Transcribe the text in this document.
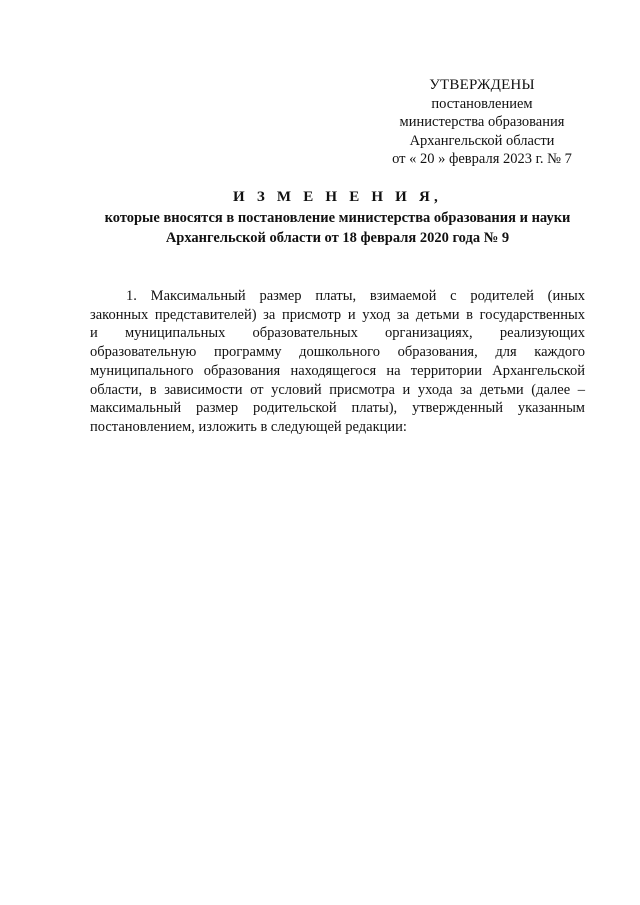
УТВЕРЖДЕНЫ
постановлением
министерства образования
Архангельской области
от « 20 » февраля 2023 г. № 7
И З М Е Н Е Н И Я,
которые вносятся в постановление министерства образования и науки
Архангельской области от 18 февраля 2020 года № 9
1. Максимальный размер платы, взимаемой с родителей (иных
законных представителей) за присмотр и уход за детьми в государственных
и муниципальных образовательных организациях, реализующих
образовательную программу дошкольного образования, для каждого
муниципального образования находящегося на территории Архангельской
области, в зависимости от условий присмотра и ухода за детьми (далее –
максимальный размер родительской платы), утвержденный указанным
постановлением, изложить в следующей редакции:
